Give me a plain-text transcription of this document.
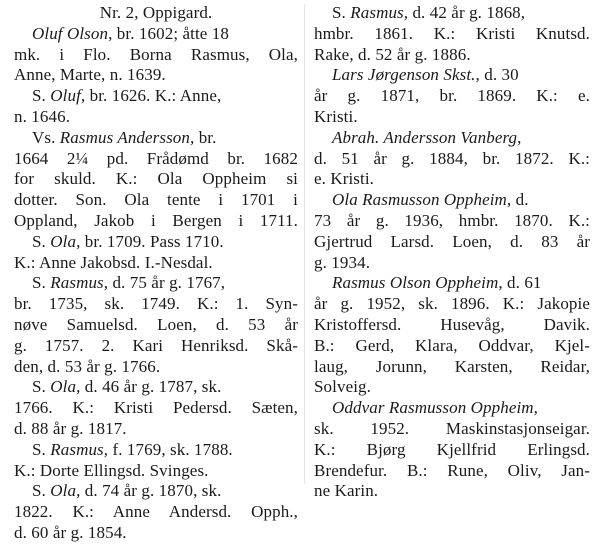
Nr. 2, Oppigard.
Oluf Olson, br. 1602; åtte 18
mk. i Flo. Borna Rasmus, Ola,
Anne, Marte, n. 1639.
S. Oluf, br. 1626. K.: Anne,
n. 1646.
Vs. Rasmus Andersson, br.
1664 2¼ pd. Frådømd br. 1682
for skuld. K.: Ola Oppheim si
dotter. Son. Ola tente i 1701 i
Oppland, Jakob i Bergen i 1711.
S. Ola, br. 1709. Pass 1710.
K.: Anne Jakobsd. I.-Nesdal.
S. Rasmus, d. 75 år g. 1767,
br. 1735, sk. 1749. K.: 1. Syn-
nøve Samuelsd. Loen, d. 53 år
g. 1757. 2. Kari Henriksd. Skå-
den, d. 53 år g. 1766.
S. Ola, d. 46 år g. 1787, sk.
1766. K.: Kristi Pedersd. Sæten,
d. 88 år g. 1817.
S. Rasmus, f. 1769, sk. 1788.
K.: Dorte Ellingsd. Svinges.
S. Ola, d. 74 år g. 1870, sk.
1822. K.: Anne Andersd. Opph.,
d. 60 år g. 1854.
S. Rasmus, d. 42 år g. 1868,
hmbr. 1861. K.: Kristi Knutsd.
Rake, d. 52 år g. 1886.
Lars Jørgenson Skst., d. 30
år g. 1871, br. 1869. K.: e.
Kristi.
Abrah. Andersson Vanberg,
d. 51 år g. 1884, br. 1872. K.:
e. Kristi.
Ola Rasmusson Oppheim, d.
73 år g. 1936, hmbr. 1870. K.:
Gjertrud Larsd. Loen, d. 83 år
g. 1934.
Rasmus Olson Oppheim, d. 61
år g. 1952, sk. 1896. K.: Jakopie
Kristoffersd. Husevåg, Davik.
B.: Gerd, Klara, Oddvar, Kjel-
laug, Jorunn, Karsten, Reidar,
Solveig.
Oddvar Rasmusson Oppheim,
sk. 1952. Maskinstasjonseigar.
K.: Bjørg Kjellfrid Erlingsd.
Brendefur. B.: Rune, Oliv, Jan-
ne Karin.
